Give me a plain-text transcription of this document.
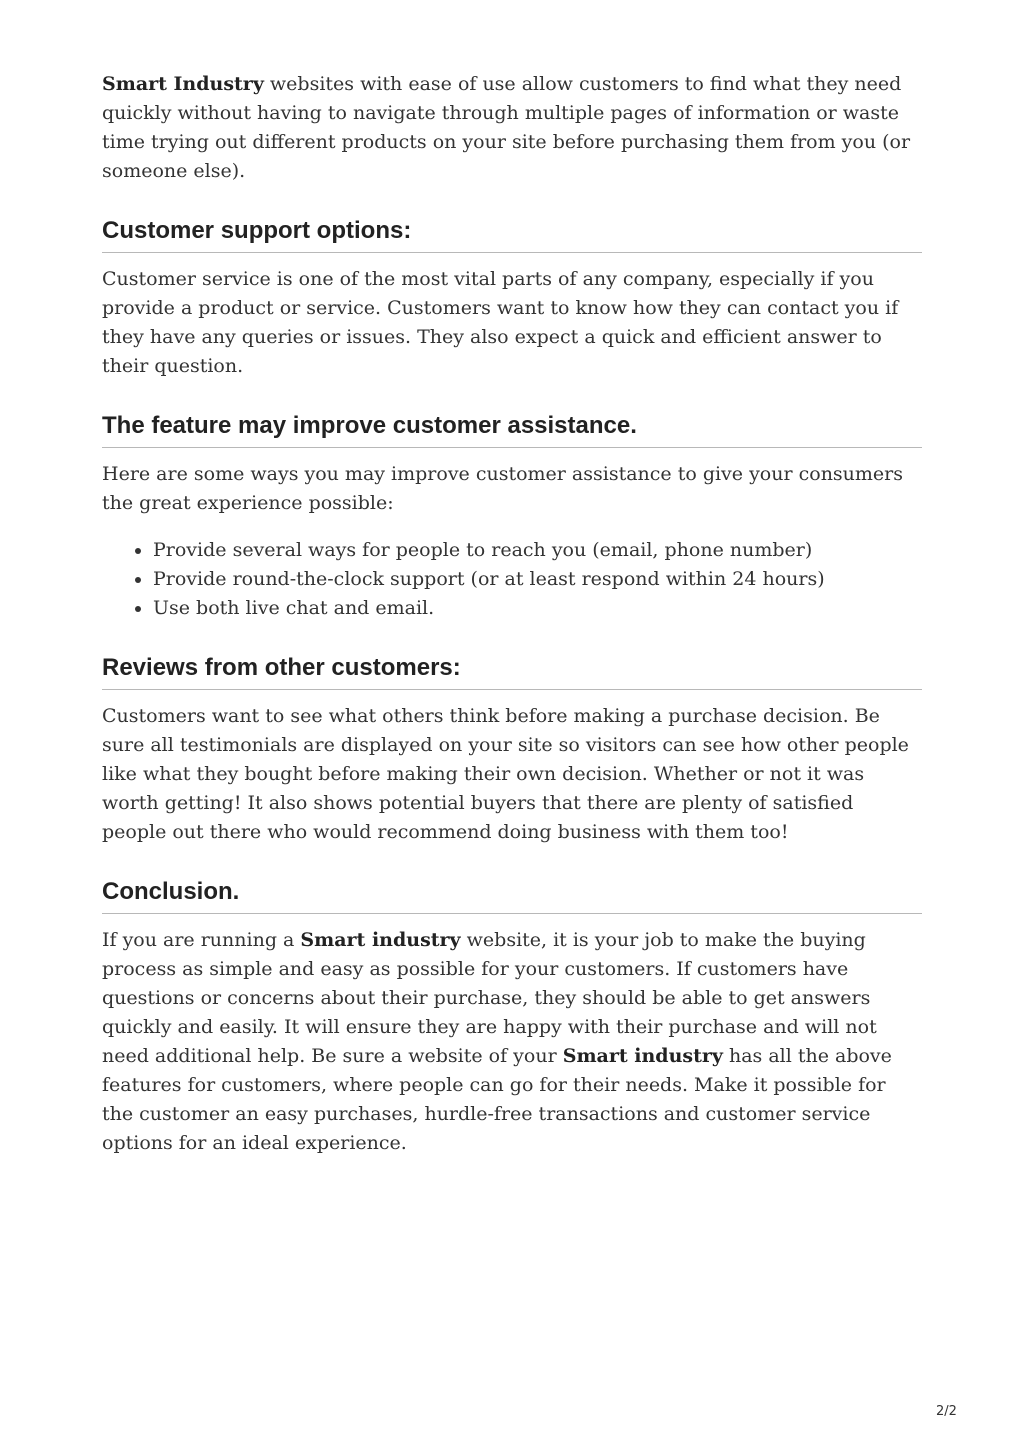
Smart Industry websites with ease of use allow customers to find what they need quickly without having to navigate through multiple pages of information or waste time trying out different products on your site before purchasing them from you (or someone else).

Customer support options:

Customer service is one of the most vital parts of any company, especially if you provide a product or service. Customers want to know how they can contact you if they have any queries or issues. They also expect a quick and efficient answer to their question.

The feature may improve customer assistance.

Here are some ways you may improve customer assistance to give your consumers the great experience possible:

• Provide several ways for people to reach you (email, phone number)
• Provide round-the-clock support (or at least respond within 24 hours)
• Use both live chat and email.
Reviews from other customers:

Customers want to see what others think before making a purchase decision. Be sure all testimonials are displayed on your site so visitors can see how other people like what they bought before making their own decision. Whether or not it was worth getting! It also shows potential buyers that there are plenty of satisfied people out there who would recommend doing business with them too!

Conclusion.

If you are running a Smart industry website, it is your job to make the buying process as simple and easy as possible for your customers. If customers have questions or concerns about their purchase, they should be able to get answers quickly and easily. It will ensure they are happy with their purchase and will not need additional help. Be sure a website of your Smart industry has all the above features for customers, where people can go for their needs. Make it possible for the customer an easy purchases, hurdle-free transactions and customer service options for an ideal experience.

2/2
